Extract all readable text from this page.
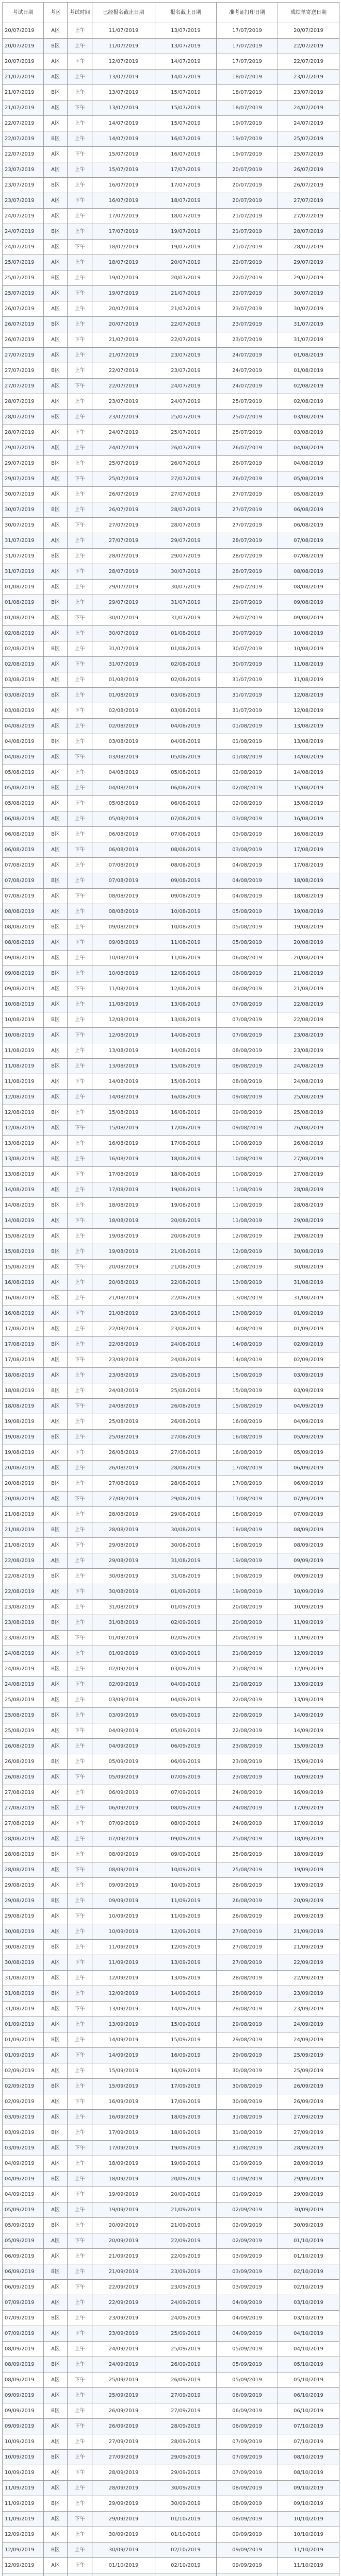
考试日期	考区	考试时间	已经报名截止日期	报名截止日期	准考证打印日期	成绩单寄送日期
20/07/2019	A区	上午	11/07/2019	13/07/2019	17/07/2019	20/07/2019
20/07/2019	B区	上午	11/07/2019	13/07/2019	17/07/2019	22/07/2019
20/07/2019	A区	下午	12/07/2019	14/07/2019	17/07/2019	22/07/2019
21/07/2019	A区	上午	13/07/2019	14/07/2019	18/07/2019	23/07/2019
21/07/2019	B区	上午	13/07/2019	15/07/2019	18/07/2019	23/07/2019
21/07/2019	A区	下午	13/07/2019	15/07/2019	18/07/2019	24/07/2019
22/07/2019	A区	上午	14/07/2019	15/07/2019	19/07/2019	24/07/2019
22/07/2019	B区	上午	14/07/2019	16/07/2019	19/07/2019	25/07/2019
22/07/2019	A区	下午	15/07/2019	16/07/2019	19/07/2019	25/07/2019
23/07/2019	A区	上午	15/07/2019	17/07/2019	20/07/2019	26/07/2019
23/07/2019	B区	上午	16/07/2019	17/07/2019	20/07/2019	26/07/2019
23/07/2019	A区	下午	16/07/2019	18/07/2019	20/07/2019	27/07/2019
24/07/2019	A区	上午	17/07/2019	18/07/2019	21/07/2019	27/07/2019
24/07/2019	B区	上午	17/07/2019	19/07/2019	21/07/2019	28/07/2019
24/07/2019	A区	下午	18/07/2019	19/07/2019	21/07/2019	28/07/2019
25/07/2019	A区	上午	18/07/2019	20/07/2019	22/07/2019	29/07/2019
25/07/2019	B区	上午	19/07/2019	20/07/2019	22/07/2019	29/07/2019
25/07/2019	A区	下午	19/07/2019	21/07/2019	22/07/2019	30/07/2019
26/07/2019	A区	上午	20/07/2019	21/07/2019	23/07/2019	30/07/2019
26/07/2019	B区	上午	20/07/2019	22/07/2019	23/07/2019	31/07/2019
26/07/2019	A区	下午	21/07/2019	22/07/2019	23/07/2019	31/07/2019
27/07/2019	A区	上午	21/07/2019	23/07/2019	24/07/2019	01/08/2019
27/07/2019	B区	上午	22/07/2019	23/07/2019	24/07/2019	01/08/2019
27/07/2019	A区	下午	22/07/2019	24/07/2019	24/07/2019	02/08/2019
28/07/2019	A区	上午	23/07/2019	24/07/2019	25/07/2019	02/08/2019
28/07/2019	B区	上午	23/07/2019	25/07/2019	25/07/2019	03/08/2019
28/07/2019	A区	下午	24/07/2019	25/07/2019	25/07/2019	03/08/2019
29/07/2019	A区	上午	24/07/2019	26/07/2019	26/07/2019	04/08/2019
29/07/2019	B区	上午	25/07/2019	26/07/2019	26/07/2019	04/08/2019
29/07/2019	A区	下午	25/07/2019	27/07/2019	26/07/2019	05/08/2019
30/07/2019	A区	上午	26/07/2019	27/07/2019	27/07/2019	05/08/2019
30/07/2019	B区	上午	26/07/2019	28/07/2019	27/07/2019	06/08/2019
30/07/2019	A区	下午	27/07/2019	28/07/2019	27/07/2019	06/08/2019
31/07/2019	A区	上午	27/07/2019	29/07/2019	28/07/2019	07/08/2019
31/07/2019	B区	上午	28/07/2019	29/07/2019	28/07/2019	07/08/2019
31/07/2019	A区	下午	28/07/2019	30/07/2019	28/07/2019	08/08/2019
01/08/2019	A区	上午	29/07/2019	30/07/2019	29/07/2019	08/08/2019
01/08/2019	B区	上午	29/07/2019	31/07/2019	29/07/2019	09/08/2019
01/08/2019	A区	下午	30/07/2019	31/07/2019	29/07/2019	09/08/2019
02/08/2019	A区	上午	30/07/2019	01/08/2019	30/07/2019	10/08/2019
02/08/2019	B区	上午	31/07/2019	01/08/2019	30/07/2019	10/08/2019
02/08/2019	A区	下午	31/07/2019	02/08/2019	30/07/2019	11/08/2019
03/08/2019	A区	上午	01/08/2019	02/08/2019	31/07/2019	11/08/2019
03/08/2019	B区	上午	01/08/2019	03/08/2019	31/07/2019	12/08/2019
03/08/2019	A区	下午	02/08/2019	03/08/2019	31/07/2019	12/08/2019
04/08/2019	A区	上午	02/08/2019	04/08/2019	01/08/2019	13/08/2019
04/08/2019	B区	上午	03/08/2019	04/08/2019	01/08/2019	13/08/2019
04/08/2019	A区	下午	03/08/2019	05/08/2019	01/08/2019	14/08/2019
05/08/2019	A区	上午	04/08/2019	05/08/2019	02/08/2019	14/08/2019
05/08/2019	B区	上午	04/08/2019	06/08/2019	02/08/2019	15/08/2019
05/08/2019	A区	下午	05/08/2019	06/08/2019	02/08/2019	15/08/2019
06/08/2019	A区	上午	05/08/2019	07/08/2019	03/08/2019	16/08/2019
06/08/2019	B区	上午	06/08/2019	07/08/2019	03/08/2019	16/08/2019
06/08/2019	A区	下午	06/08/2019	08/08/2019	03/08/2019	17/08/2019
07/08/2019	A区	上午	07/08/2019	08/08/2019	04/08/2019	17/08/2019
07/08/2019	B区	上午	07/08/2019	09/08/2019	04/08/2019	18/08/2019
07/08/2019	A区	下午	08/08/2019	09/08/2019	04/08/2019	18/08/2019
08/08/2019	A区	上午	08/08/2019	10/08/2019	05/08/2019	19/08/2019
08/08/2019	B区	上午	09/08/2019	10/08/2019	05/08/2019	19/08/2019
08/08/2019	A区	下午	09/08/2019	11/08/2019	05/08/2019	20/08/2019
09/08/2019	A区	上午	10/08/2019	11/08/2019	06/08/2019	20/08/2019
09/08/2019	B区	上午	10/08/2019	12/08/2019	06/08/2019	21/08/2019
09/08/2019	A区	下午	11/08/2019	12/08/2019	06/08/2019	21/08/2019
10/08/2019	A区	上午	11/08/2019	13/08/2019	07/08/2019	22/08/2019
10/08/2019	B区	上午	12/08/2019	13/08/2019	07/08/2019	22/08/2019
10/08/2019	A区	下午	12/08/2019	14/08/2019	07/08/2019	23/08/2019
11/08/2019	A区	上午	13/08/2019	14/08/2019	08/08/2019	23/08/2019
11/08/2019	B区	上午	13/08/2019	15/08/2019	08/08/2019	24/08/2019
11/08/2019	A区	下午	14/08/2019	15/08/2019	08/08/2019	24/08/2019
12/08/2019	A区	上午	14/08/2019	16/08/2019	09/08/2019	25/08/2019
12/08/2019	B区	上午	15/08/2019	16/08/2019	09/08/2019	25/08/2019
12/08/2019	A区	下午	15/08/2019	17/08/2019	09/08/2019	26/08/2019
13/08/2019	A区	上午	16/08/2019	17/08/2019	10/08/2019	26/08/2019
13/08/2019	B区	上午	16/08/2019	18/08/2019	10/08/2019	27/08/2019
13/08/2019	A区	下午	17/08/2019	18/08/2019	10/08/2019	27/08/2019
14/08/2019	A区	上午	17/08/2019	19/08/2019	11/08/2019	28/08/2019
14/08/2019	B区	上午	18/08/2019	19/08/2019	11/08/2019	28/08/2019
14/08/2019	A区	下午	18/08/2019	20/08/2019	11/08/2019	29/08/2019
15/08/2019	A区	上午	19/08/2019	20/08/2019	12/08/2019	29/08/2019
15/08/2019	B区	上午	19/08/2019	21/08/2019	12/08/2019	30/08/2019
15/08/2019	A区	下午	20/08/2019	21/08/2019	12/08/2019	30/08/2019
16/08/2019	A区	上午	20/08/2019	22/08/2019	13/08/2019	31/08/2019
16/08/2019	B区	上午	21/08/2019	22/08/2019	13/08/2019	31/08/2019
16/08/2019	A区	下午	21/08/2019	23/08/2019	13/08/2019	01/09/2019
17/08/2019	A区	上午	22/08/2019	23/08/2019	14/08/2019	01/09/2019
17/08/2019	B区	上午	22/08/2019	24/08/2019	14/08/2019	02/09/2019
17/08/2019	A区	下午	23/08/2019	24/08/2019	14/08/2019	02/09/2019
18/08/2019	A区	上午	23/08/2019	25/08/2019	15/08/2019	03/09/2019
18/08/2019	B区	上午	24/08/2019	25/08/2019	15/08/2019	03/09/2019
18/08/2019	A区	下午	24/08/2019	26/08/2019	15/08/2019	04/09/2019
19/08/2019	A区	上午	25/08/2019	26/08/2019	16/08/2019	04/09/2019
19/08/2019	B区	上午	25/08/2019	27/08/2019	16/08/2019	05/09/2019
19/08/2019	A区	下午	26/08/2019	27/08/2019	16/08/2019	05/09/2019
20/08/2019	A区	上午	26/08/2019	28/08/2019	17/08/2019	06/09/2019
20/08/2019	B区	上午	27/08/2019	28/08/2019	17/08/2019	06/09/2019
20/08/2019	A区	下午	27/08/2019	29/08/2019	17/08/2019	07/09/2019
21/08/2019	A区	上午	28/08/2019	29/08/2019	18/08/2019	07/09/2019
21/08/2019	B区	上午	28/08/2019	30/08/2019	18/08/2019	08/09/2019
21/08/2019	A区	下午	29/08/2019	30/08/2019	18/08/2019	08/09/2019
22/08/2019	A区	上午	29/08/2019	31/08/2019	19/08/2019	09/09/2019
22/08/2019	B区	上午	30/08/2019	31/08/2019	19/08/2019	09/09/2019
22/08/2019	A区	下午	30/08/2019	01/09/2019	19/08/2019	10/09/2019
23/08/2019	A区	上午	31/08/2019	01/09/2019	20/08/2019	10/09/2019
23/08/2019	B区	上午	31/08/2019	02/09/2019	20/08/2019	11/09/2019
23/08/2019	A区	下午	01/09/2019	02/09/2019	20/08/2019	11/09/2019
24/08/2019	A区	上午	01/09/2019	03/09/2019	21/08/2019	12/09/2019
24/08/2019	B区	上午	02/09/2019	03/09/2019	21/08/2019	12/09/2019
24/08/2019	A区	下午	02/09/2019	04/09/2019	21/08/2019	13/09/2019
25/08/2019	A区	上午	03/09/2019	04/09/2019	22/08/2019	13/09/2019
25/08/2019	B区	上午	03/09/2019	05/09/2019	22/08/2019	14/09/2019
25/08/2019	A区	下午	04/09/2019	05/09/2019	22/08/2019	14/09/2019
26/08/2019	A区	上午	04/09/2019	06/09/2019	23/08/2019	15/09/2019
26/08/2019	B区	上午	05/09/2019	06/09/2019	23/08/2019	15/09/2019
26/08/2019	A区	下午	05/09/2019	07/09/2019	23/08/2019	16/09/2019
27/08/2019	A区	上午	06/09/2019	07/09/2019	24/08/2019	16/09/2019
27/08/2019	B区	上午	06/09/2019	08/09/2019	24/08/2019	17/09/2019
27/08/2019	A区	下午	07/09/2019	08/09/2019	24/08/2019	17/09/2019
28/08/2019	A区	上午	07/09/2019	09/09/2019	25/08/2019	18/09/2019
28/08/2019	B区	上午	08/09/2019	09/09/2019	25/08/2019	18/09/2019
28/08/2019	A区	下午	08/09/2019	10/09/2019	25/08/2019	19/09/2019
29/08/2019	A区	上午	09/09/2019	10/09/2019	26/08/2019	19/09/2019
29/08/2019	B区	上午	09/09/2019	11/09/2019	26/08/2019	20/09/2019
29/08/2019	A区	下午	10/09/2019	11/09/2019	26/08/2019	20/09/2019
30/08/2019	A区	上午	10/09/2019	12/09/2019	27/08/2019	21/09/2019
30/08/2019	B区	上午	11/09/2019	12/09/2019	27/08/2019	21/09/2019
30/08/2019	A区	下午	11/09/2019	13/09/2019	27/08/2019	22/09/2019
31/08/2019	A区	上午	12/09/2019	13/09/2019	28/08/2019	22/09/2019
31/08/2019	B区	上午	12/09/2019	14/09/2019	28/08/2019	23/09/2019
31/08/2019	A区	下午	13/09/2019	14/09/2019	28/08/2019	23/09/2019
01/09/2019	A区	上午	13/09/2019	15/09/2019	29/08/2019	24/09/2019
01/09/2019	B区	上午	14/09/2019	15/09/2019	29/08/2019	24/09/2019
01/09/2019	A区	下午	14/09/2019	16/09/2019	29/08/2019	25/09/2019
02/09/2019	A区	上午	15/09/2019	16/09/2019	30/08/2019	25/09/2019
02/09/2019	B区	上午	15/09/2019	17/09/2019	30/08/2019	26/09/2019
02/09/2019	A区	下午	16/09/2019	17/09/2019	30/08/2019	26/09/2019
03/09/2019	A区	上午	16/09/2019	18/09/2019	31/08/2019	27/09/2019
03/09/2019	B区	上午	17/09/2019	18/09/2019	31/08/2019	27/09/2019
03/09/2019	A区	下午	17/09/2019	19/09/2019	31/08/2019	28/09/2019
04/09/2019	A区	上午	18/09/2019	19/09/2019	01/09/2019	28/09/2019
04/09/2019	B区	上午	18/09/2019	20/09/2019	01/09/2019	29/09/2019
04/09/2019	A区	下午	19/09/2019	20/09/2019	01/09/2019	29/09/2019
05/09/2019	A区	上午	19/09/2019	21/09/2019	02/09/2019	30/09/2019
05/09/2019	B区	上午	20/09/2019	21/09/2019	02/09/2019	30/09/2019
05/09/2019	A区	下午	20/09/2019	22/09/2019	02/09/2019	01/10/2019
06/09/2019	A区	上午	21/09/2019	22/09/2019	03/09/2019	01/10/2019
06/09/2019	B区	上午	21/09/2019	23/09/2019	03/09/2019	02/10/2019
06/09/2019	A区	下午	22/09/2019	23/09/2019	03/09/2019	02/10/2019
07/09/2019	A区	上午	22/09/2019	24/09/2019	04/09/2019	03/10/2019
07/09/2019	B区	上午	23/09/2019	24/09/2019	04/09/2019	03/10/2019
07/09/2019	A区	下午	23/09/2019	25/09/2019	04/09/2019	04/10/2019
08/09/2019	A区	上午	24/09/2019	25/09/2019	05/09/2019	04/10/2019
08/09/2019	B区	上午	24/09/2019	26/09/2019	05/09/2019	05/10/2019
08/09/2019	A区	下午	25/09/2019	26/09/2019	05/09/2019	05/10/2019
09/09/2019	A区	上午	25/09/2019	27/09/2019	06/09/2019	06/10/2019
09/09/2019	B区	上午	26/09/2019	27/09/2019	06/09/2019	06/10/2019
09/09/2019	A区	下午	26/09/2019	28/09/2019	06/09/2019	07/10/2019
10/09/2019	A区	上午	27/09/2019	28/09/2019	07/09/2019	07/10/2019
10/09/2019	B区	上午	27/09/2019	29/09/2019	07/09/2019	08/10/2019
10/09/2019	A区	下午	28/09/2019	29/09/2019	07/09/2019	08/10/2019
11/09/2019	A区	上午	28/09/2019	30/09/2019	08/09/2019	09/10/2019
11/09/2019	B区	上午	29/09/2019	30/09/2019	08/09/2019	09/10/2019
11/09/2019	A区	下午	29/09/2019	01/10/2019	08/09/2019	10/10/2019
12/09/2019	A区	上午	30/09/2019	01/10/2019	09/09/2019	10/10/2019
12/09/2019	B区	上午	30/09/2019	02/10/2019	09/09/2019	11/10/2019
12/09/2019	A区	下午	01/10/2019	02/10/2019	09/09/2019	11/10/2019
